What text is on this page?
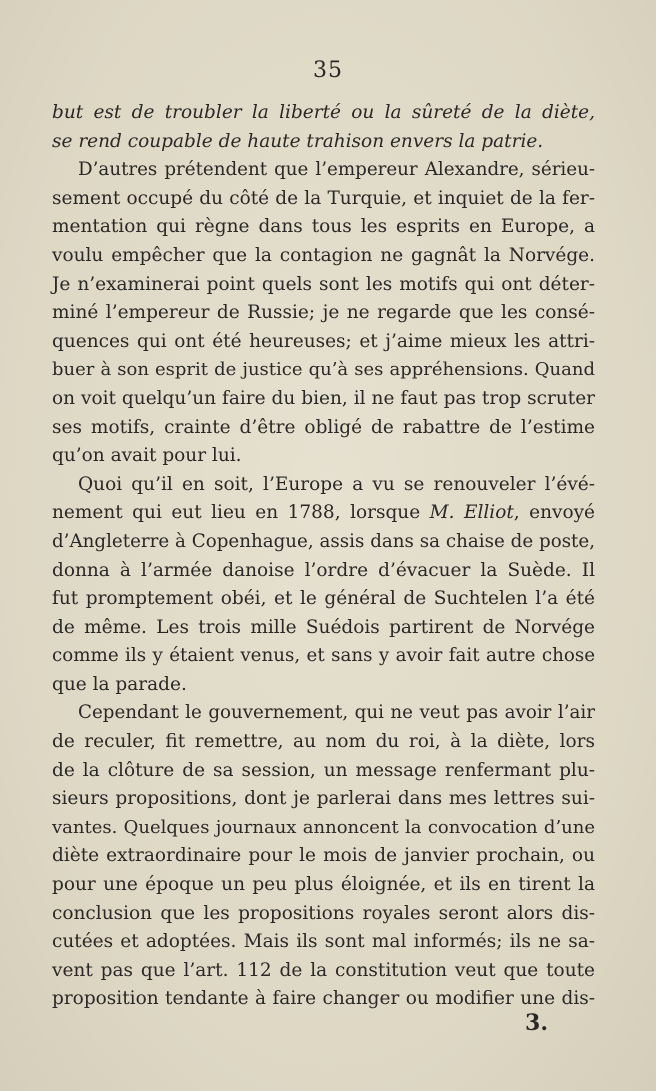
35
but est de troubler la liberté ou la sûreté de la diète,
se rend coupable de haute trahison envers la patrie.
D’autres prétendent que l’empereur Alexandre, sérieu-
sement occupé du côté de la Turquie, et inquiet de la fer-
mentation qui règne dans tous les esprits en Europe, a
voulu empêcher que la contagion ne gagnât la Norvége.
Je n’examinerai point quels sont les motifs qui ont déter-
miné l’empereur de Russie; je ne regarde que les consé-
quences qui ont été heureuses; et j’aime mieux les attri-
buer à son esprit de justice qu’à ses appréhensions. Quand
on voit quelqu’un faire du bien, il ne faut pas trop scruter
ses motifs, crainte d’être obligé de rabattre de l’estime
qu’on avait pour lui.
Quoi qu’il en soit, l’Europe a vu se renouveler l’évé-
nement qui eut lieu en 1788, lorsque M. Elliot, envoyé
d’Angleterre à Copenhague, assis dans sa chaise de poste,
donna à l’armée danoise l’ordre d’évacuer la Suède. Il
fut promptement obéi, et le général de Suchtelen l’a été
de même. Les trois mille Suédois partirent de Norvége
comme ils y étaient venus, et sans y avoir fait autre chose
que la parade.
Cependant le gouvernement, qui ne veut pas avoir l’air
de reculer, fit remettre, au nom du roi, à la diète, lors
de la clôture de sa session, un message renfermant plu-
sieurs propositions, dont je parlerai dans mes lettres sui-
vantes. Quelques journaux annoncent la convocation d’une
diète extraordinaire pour le mois de janvier prochain, ou
pour une époque un peu plus éloignée, et ils en tirent la
conclusion que les propositions royales seront alors dis-
cutées et adoptées. Mais ils sont mal informés; ils ne sa-
vent pas que l’art. 112 de la constitution veut que toute
proposition tendante à faire changer ou modifier une dis-
3.
